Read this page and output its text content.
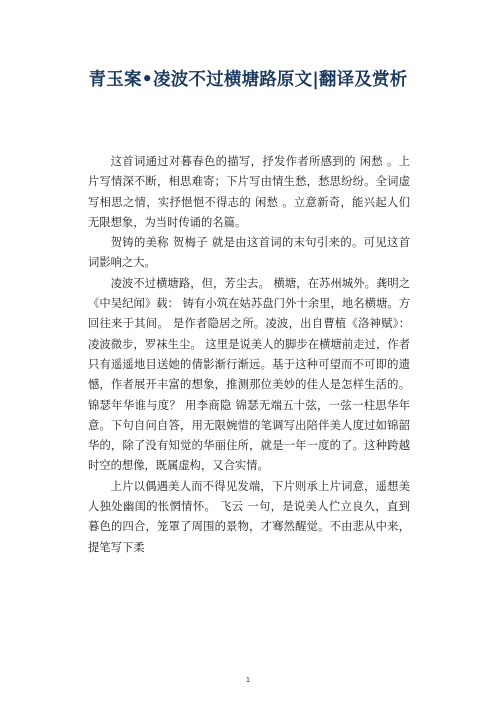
青玉案•凌波不过横塘路原文|翻译及赏析

这首词通过对暮春色的描写，抒发作者所感到的 闲愁 。上片写情深不断，相思难寄；下片写由情生愁，愁思纷纷。全词虚写相思之情，实抒悒悒不得志的 闲愁 。立意新奇，能兴起人们无限想象，为当时传诵的名篇。

贺铸的美称 贺梅子 就是由这首词的末句引来的。可见这首词影响之大。

凌波不过横塘路，但，芳尘去。 横塘，在苏州城外。龚明之《中吴纪闻》载： 铸有小筑在姑苏盘门外十余里，地名横塘。方回往来于其间。 是作者隐居之所。凌波，出自曹植《洛神赋》： 凌波微步，罗袜生尘。 这里是说美人的脚步在横塘前走过，作者只有遥遥地目送她的倩影渐行渐远。基于这种可望而不可即的遗憾，作者展开丰富的想象，推测那位美妙的佳人是怎样生活的。 锦瑟年华谁与度？ 用李商隐 锦瑟无端五十弦，一弦一柱思华年 意。下句自问自答，用无限婉惜的笔调写出陪伴美人度过如锦韶华的，除了没有知觉的华丽住所，就是一年一度的了。这种跨越时空的想像，既属虚构，又合实情。

上片以偶遇美人而不得见发端，下片则承上片词意，遥想美人独处幽闺的怅惘情怀。 飞云 一句，是说美人伫立良久，直到暮色的四合，笼罩了周围的景物，才骞然醒觉。不由悲从中来，提笔写下柔

1
